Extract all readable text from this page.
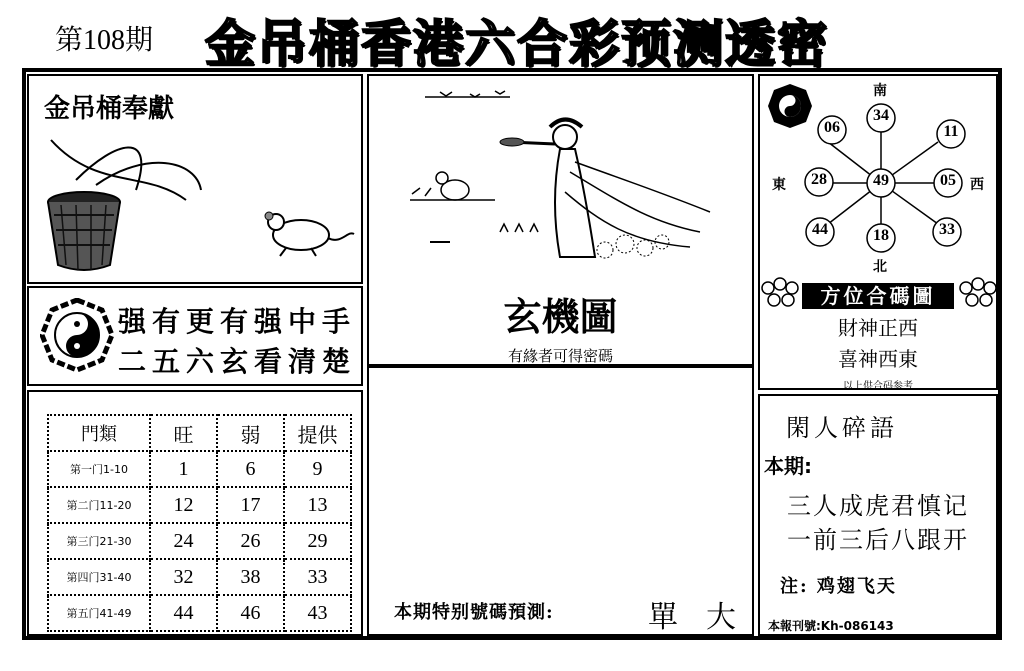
第108期 金吊桶香港六合彩预测透密
金吊桶奉獻
强有更有强中手
二五六玄看清楚
門類	旺	弱	提供
第一门1-10	1	6	9
第二门11-20	12	17	13
第三门21-30	24	26	29
第四门31-40	32	38	33
第五门41-49	44	46	43
玄機圖
有緣者可得密碼
本期特别號碼預測:	單 大
南
北
東	西
49
34
11
05
33
18
44
28
06
方位合碼圖
財神正西
喜神西東
以上供合码参考
閑人碎語
本期:
三人成虎君慎记
一前三后八跟开
注: 鸡翅飞天
本報刊號:Kh-086143
